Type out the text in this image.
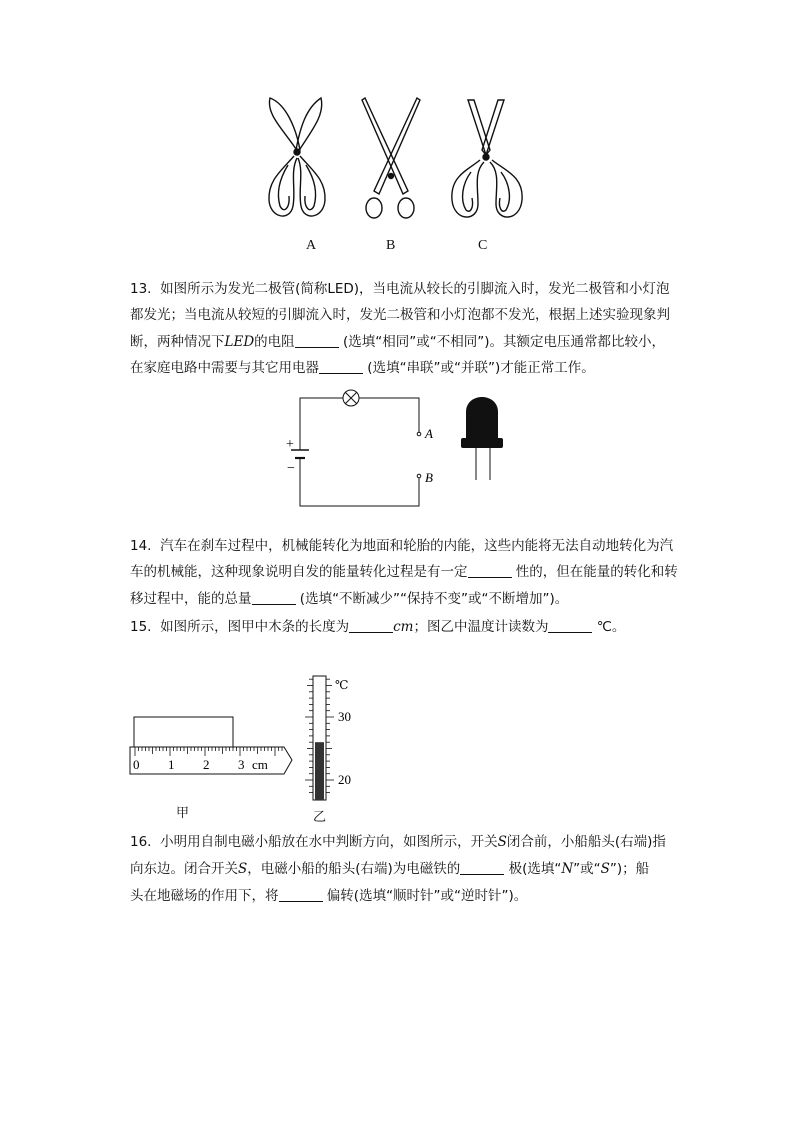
A	B	C
13. 如图所示为发光二极管(简称LED)，当电流从较长的引脚流入时，发光二极管和小灯泡
都发光；当电流从较短的引脚流入时，发光二极管和小灯泡都不发光，根据上述实验现象判
断，两种情况下LED的电阻	(选填“相同”或“不相同”)。其额定电压通常都比较小，
在家庭电路中需要与其它用电器	(选填“串联”或“并联”)才能正常工作。
+
−
A
B
14. 汽车在刹车过程中，机械能转化为地面和轮胎的内能，这些内能将无法自动地转化为汽
车的机械能，这种现象说明自发的能量转化过程是有一定	性的，但在能量的转化和转
移过程中，能的总量	(选填“不断减少”“保持不变”或“不断增加”)。
15. 如图所示，图甲中木条的长度为	cm；图乙中温度计读数为	℃。
0 1 2 3 cm
甲
℃
30
20
乙
16. 小明用自制电磁小船放在水中判断方向，如图所示，开关S闭合前，小船船头(右端)指
向东边。闭合开关S，电磁小船的船头(右端)为电磁铁的	极(选填“N”或“S”)；船
头在地磁场的作用下，将	偏转(选填“顺时针”或“逆时针”)。
